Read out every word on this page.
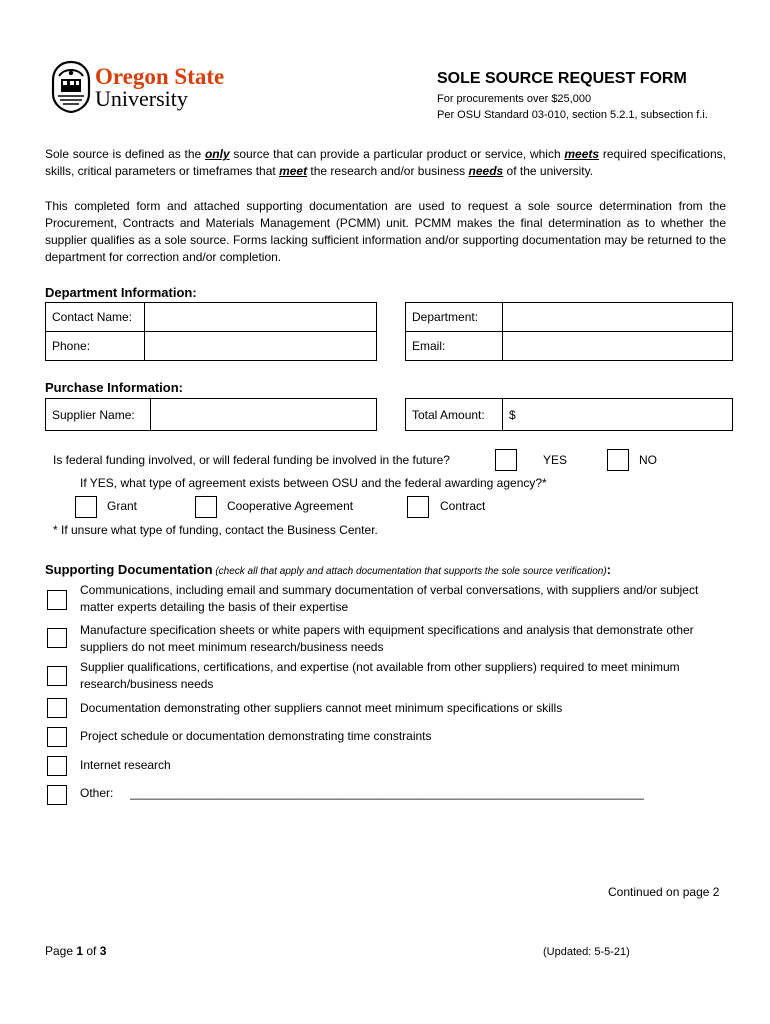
Oregon State
University
SOLE SOURCE REQUEST FORM
For procurements over $25,000
Per OSU Standard 03-010, section 5.2.1, subsection f.i.
Sole source is defined as the only source that can provide a particular product or service, which meets required specifications, skills, critical parameters or timeframes that meet the research and/or business needs of the university.
This completed form and attached supporting documentation are used to request a sole source determination from the Procurement, Contracts and Materials Management (PCMM) unit. PCMM makes the final determination as to whether the supplier qualifies as a sole source. Forms lacking sufficient information and/or supporting documentation may be returned to the department for correction and/or completion.
Department Information:
Contact Name:			Department:	
Phone:			Email:	
Purchase Information:
Supplier Name:			Total Amount:	$
Is federal funding involved, or will federal funding be involved in the future?	YES	NO
If YES, what type of agreement exists between OSU and the federal awarding agency?*
Grant	Cooperative Agreement	Contract
* If unsure what type of funding, contact the Business Center.
Supporting Documentation (check all that apply and attach documentation that supports the sole source verification):
Communications, including email and summary documentation of verbal conversations, with suppliers and/or subject matter experts detailing the basis of their expertise
Manufacture specification sheets or white papers with equipment specifications and analysis that demonstrate other suppliers do not meet minimum research/business needs
Supplier qualifications, certifications, and expertise (not available from other suppliers) required to meet minimum research/business needs
Documentation demonstrating other suppliers cannot meet minimum specifications or skills
Project schedule or documentation demonstrating time constraints
Internet research
Other: _____________________________________________________________________________
Continued on page 2
Page 1 of 3	(Updated: 5-5-21)
